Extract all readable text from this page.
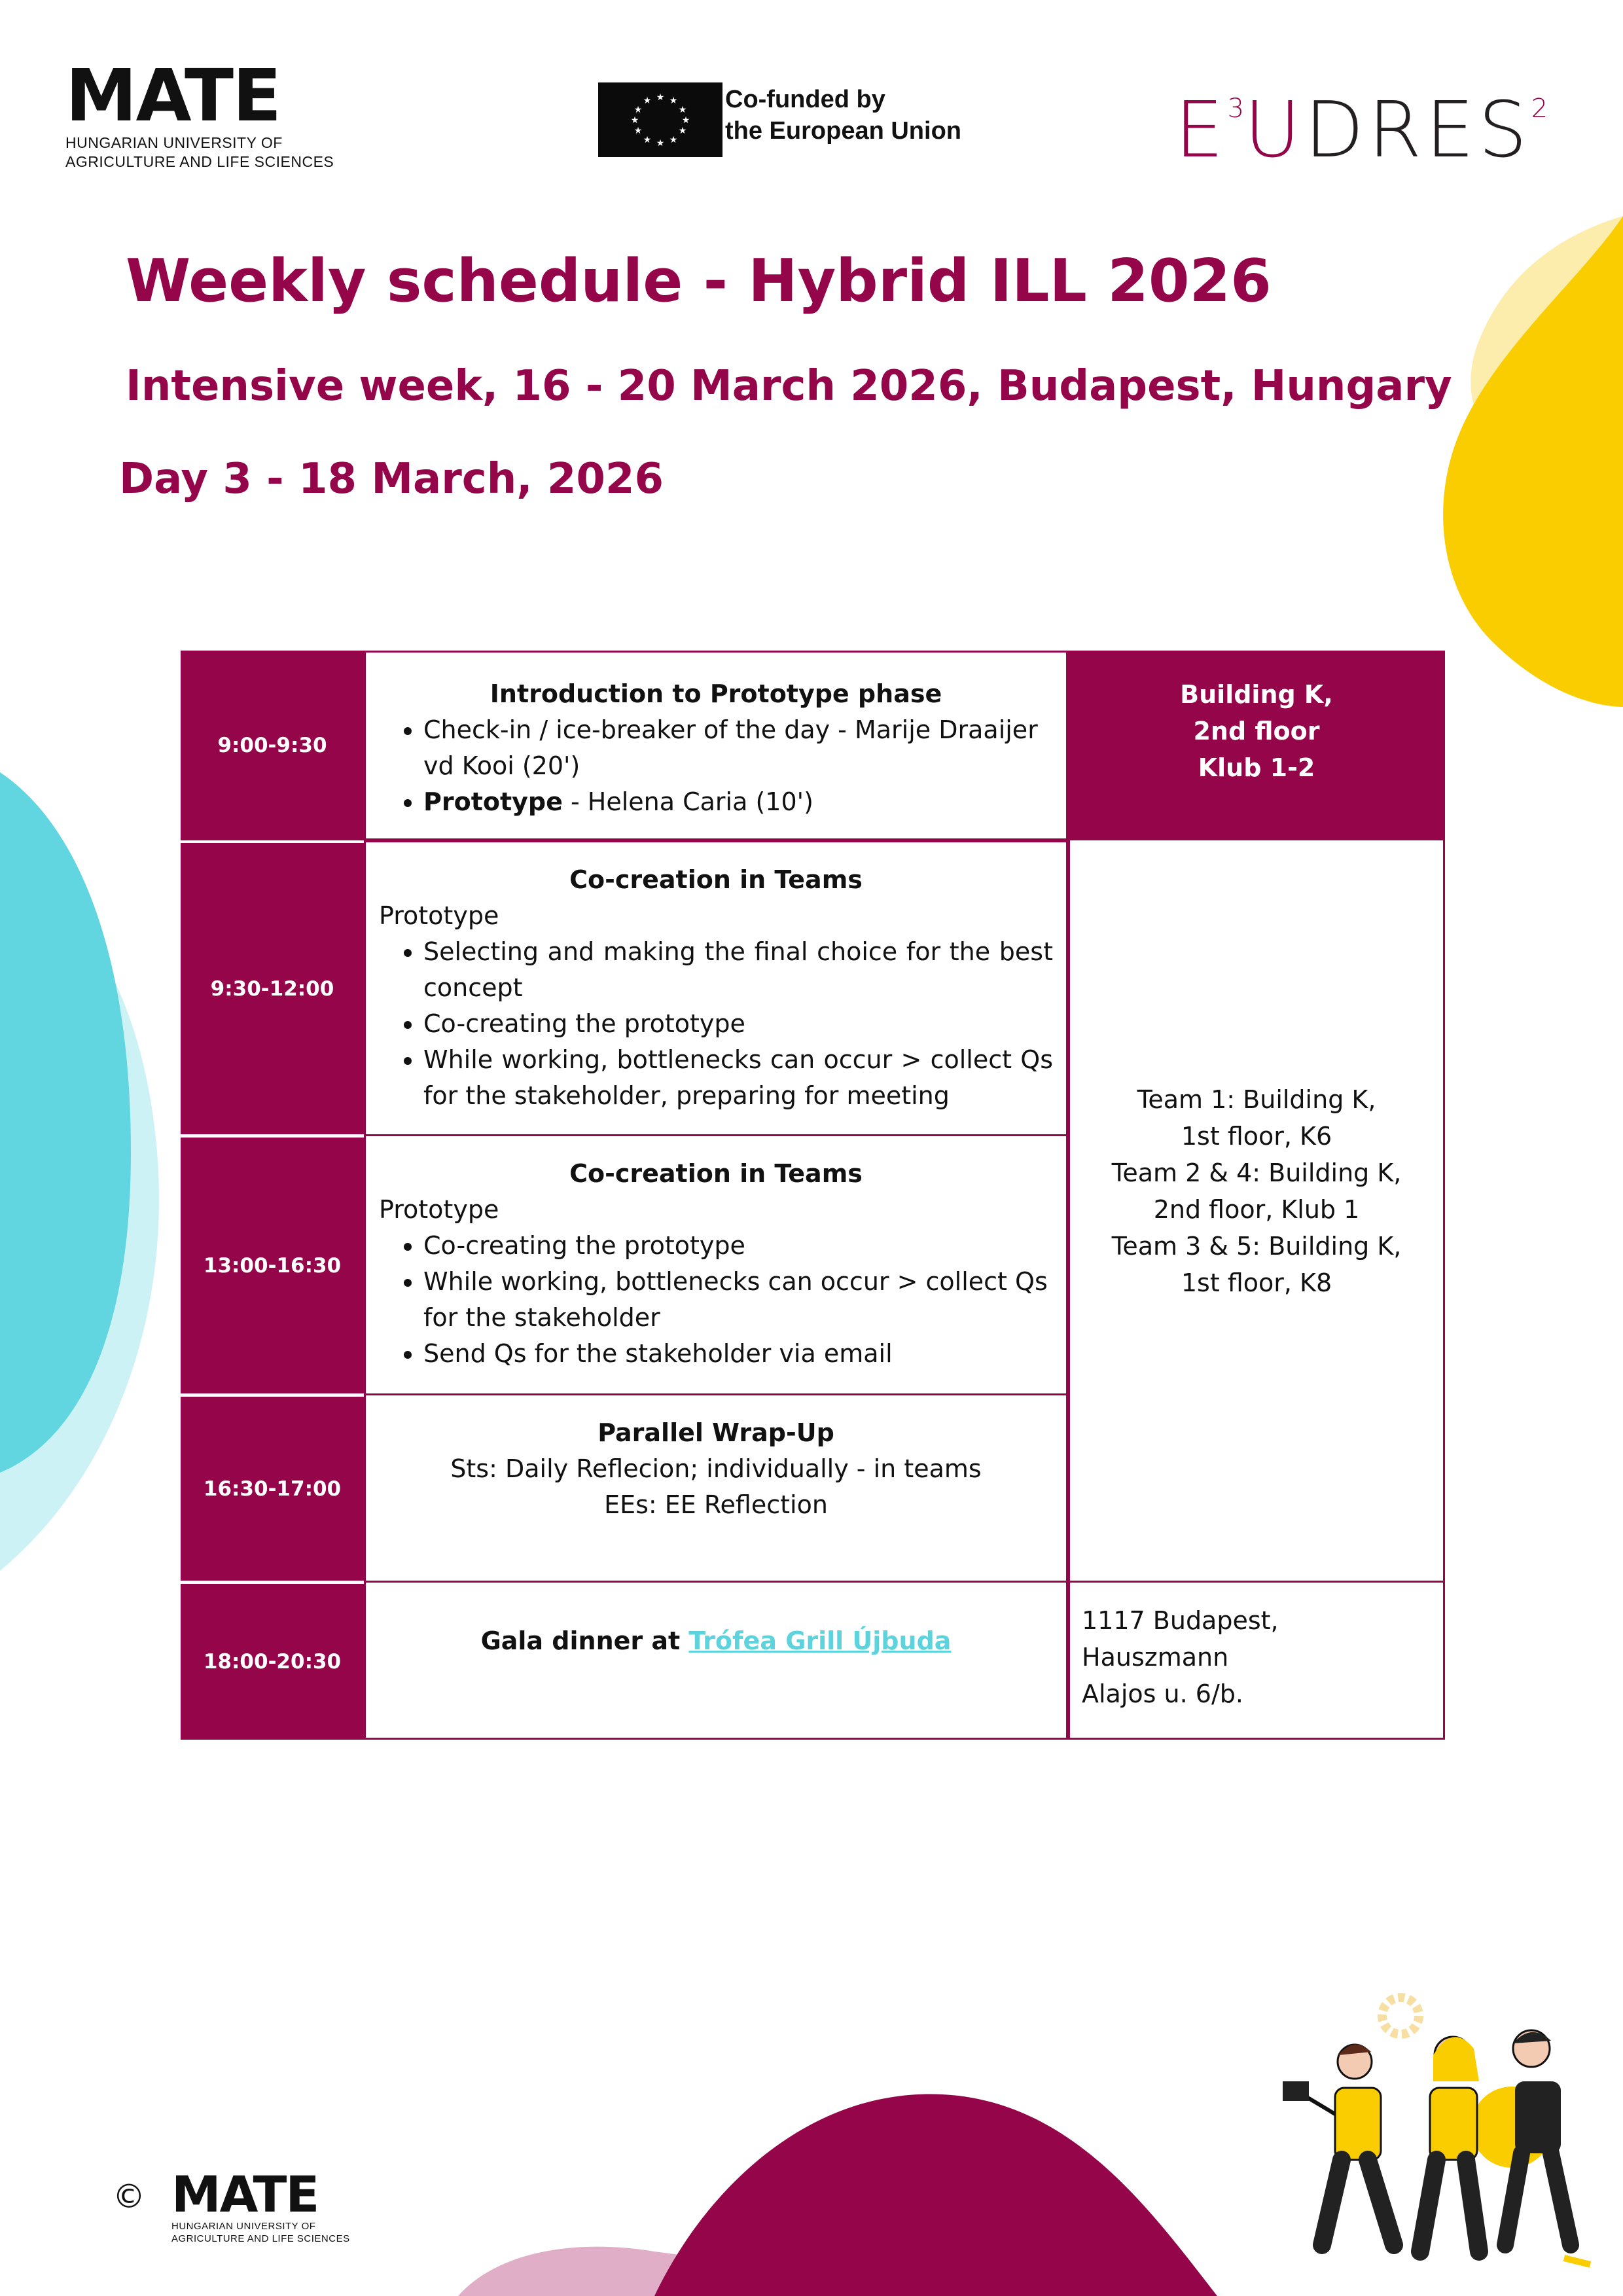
MATE
HUNGARIAN UNIVERSITY OF
AGRICULTURE AND LIFE SCIENCES
★ ★
★
★
★
★
★
★
★
★
★
★	Co-funded by
the European Union	$E^3UDRES^2$
Weekly schedule - Hybrid ILL 2026
Intensive week, 16 - 20 March 2026, Budapest, Hungary
Day 3 - 18 March, 2026
9:00-9:30
Introduction to Prototype phase
• Check-in / ice-breaker of the day - Marije Draaijer vd Kooi (20')
• Prototype - Helena Caria (10')
Building K,
2nd floor
Klub 1-2
9:30-12:00
Co-creation in Teams
Prototype
• Selecting and making the final choice for the best concept
• Co-creating the prototype
• While working, bottlenecks can occur > collect Qs for the stakeholder, preparing for meeting
13:00-16:30
Co-creation in Teams
Prototype
• Co-creating the prototype
• While working, bottlenecks can occur > collect Qs for the stakeholder
• Send Qs for the stakeholder via email
16:30-17:00
Parallel Wrap-Up
Sts: Daily Reflecion; individually - in teams
EEs: EE Reflection
Team 1: Building K,
1st floor, K6
Team 2 & 4: Building K,
2nd floor, Klub 1
Team 3 & 5: Building K,
1st floor, K8
18:00-20:30
Gala dinner at Trófea Grill Újbuda
1117 Budapest, Hauszmann
Alajos u. 6/b.
© MATE
HUNGARIAN UNIVERSITY OF
AGRICULTURE AND LIFE SCIENCES
